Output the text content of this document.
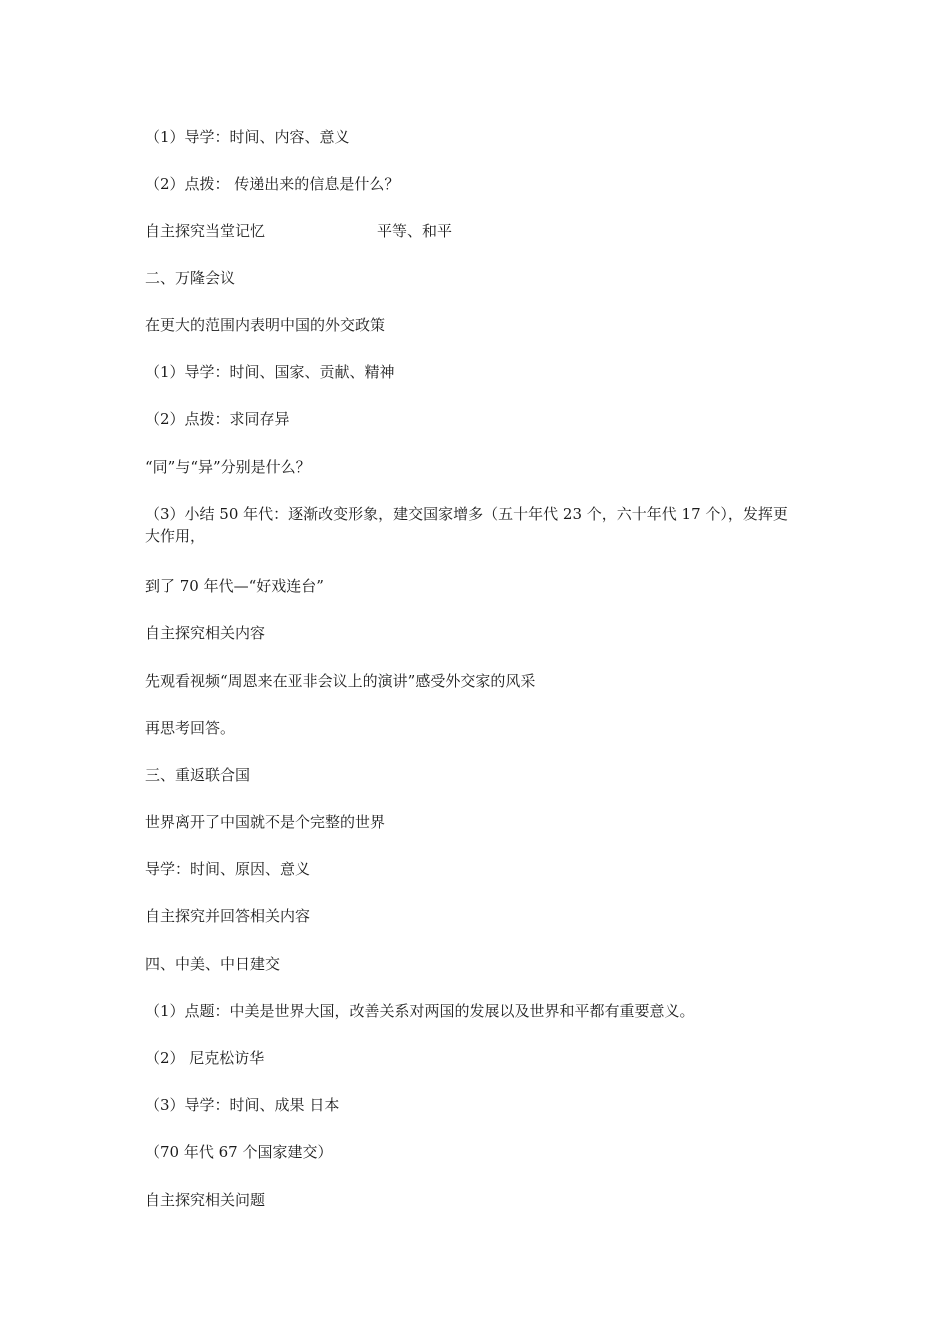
（1）导学：时间、内容、意义
（2）点拨： 传递出来的信息是什么？
自主探究当堂记忆	平等、和平
二、万隆会议
在更大的范围内表明中国的外交政策
（1）导学：时间、国家、贡献、精神
（2）点拨：求同存异
“同”与“异”分别是什么？
（3）小结 50 年代：逐渐改变形象，建交国家增多（五十年代 23 个，六十年代 17 个），发挥更大作用，
到了 70 年代—“好戏连台”
自主探究相关内容
先观看视频“周恩来在亚非会议上的演讲”感受外交家的风采
再思考回答。
三、重返联合国
世界离开了中国就不是个完整的世界
导学：时间、原因、意义
自主探究并回答相关内容
四、中美、中日建交
（1）点题：中美是世界大国，改善关系对两国的发展以及世界和平都有重要意义。
（2） 尼克松访华
（3）导学：时间、成果 日本
（70 年代 67 个国家建交）
自主探究相关问题
